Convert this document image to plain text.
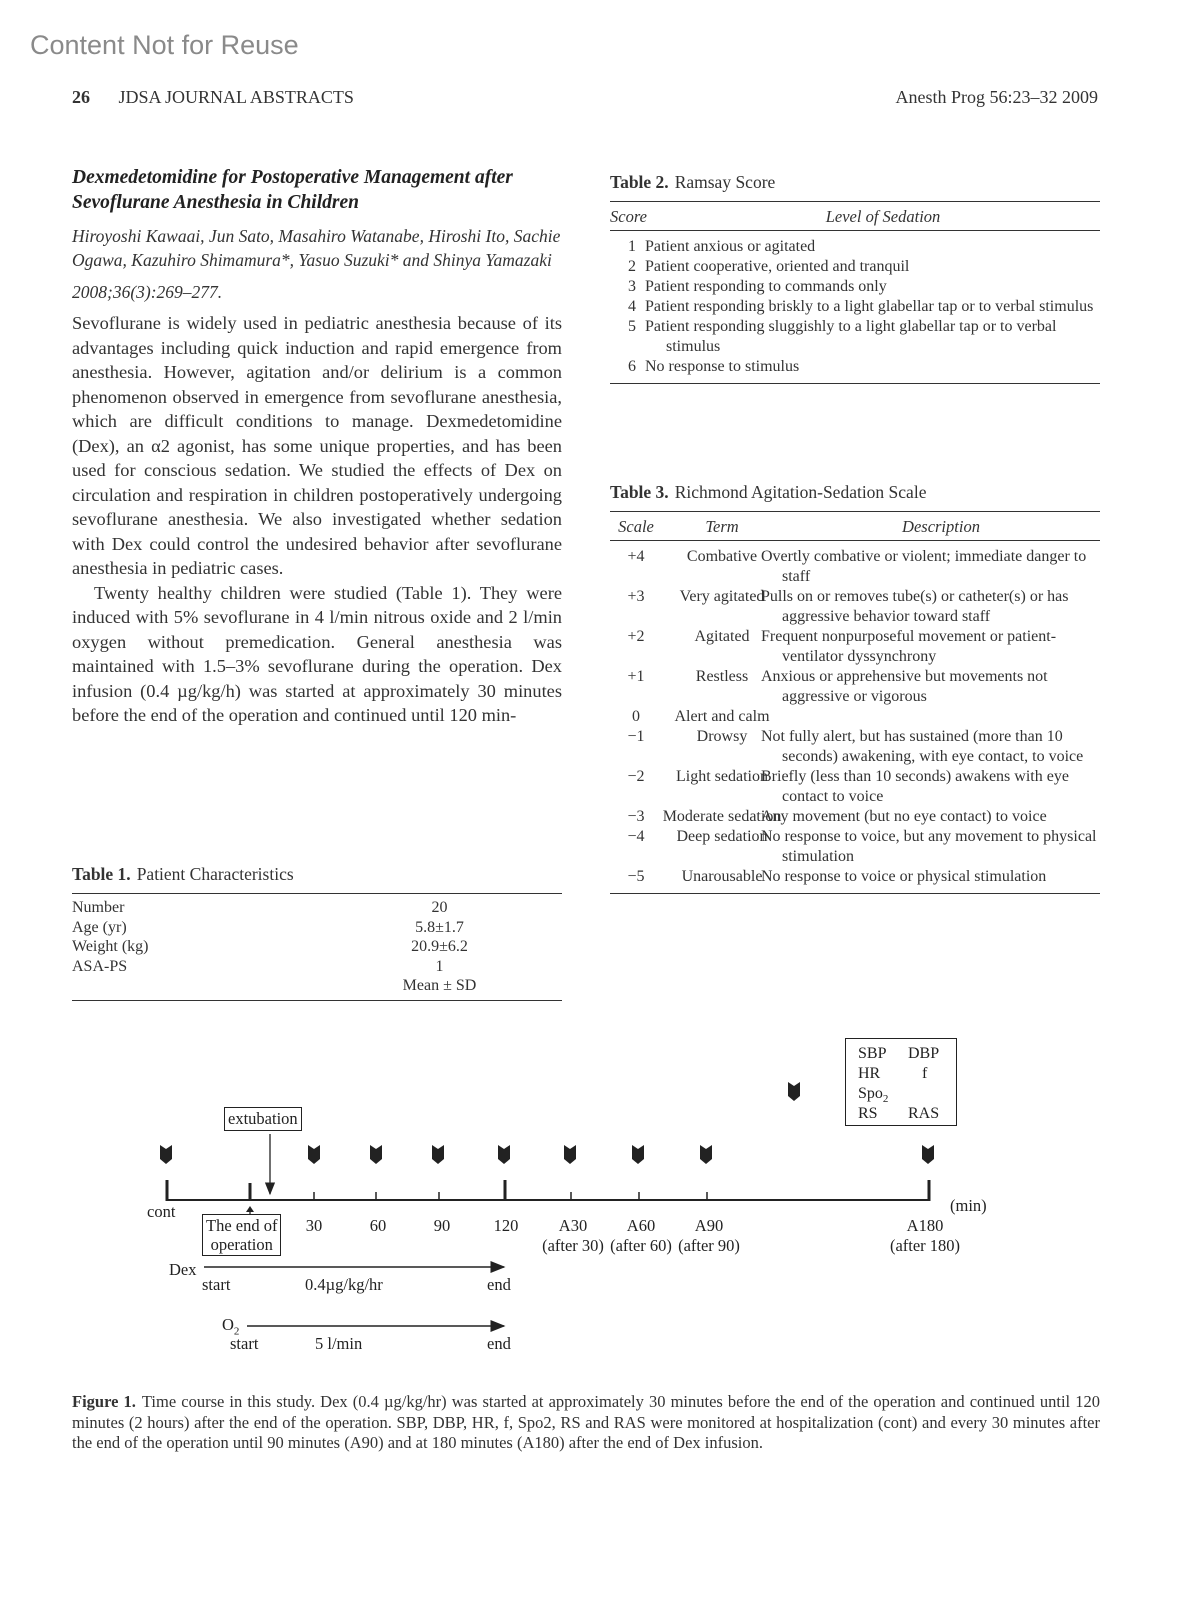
Content Not for Reuse
26 JDSA JOURNAL ABSTRACTS	Anesth Prog 56:23–32 2009
Dexmedetomidine for Postoperative Management after Sevoflurane Anesthesia in Children
Hiroyoshi Kawaai, Jun Sato, Masahiro Watanabe, Hiroshi Ito, Sachie Ogawa, Kazuhiro Shimamura*, Yasuo Suzuki* and Shinya Yamazaki
2008;36(3):269–277.

Sevoflurane is widely used in pediatric anesthesia because of its advantages including quick induction and rapid emergence from anesthesia. However, agitation and/or delirium is a common phenomenon observed in emergence from sevoflurane anesthesia, which are difficult conditions to manage. Dexmedetomidine (Dex), an α2 agonist, has some unique properties, and has been used for conscious sedation. We studied the effects of Dex on circulation and respiration in children postoperatively undergoing sevoflurane anesthesia. We also investigated whether sedation with Dex could control the undesired behavior after sevoflurane anesthesia in pediatric cases.

Twenty healthy children were studied (Table 1). They were induced with 5% sevoflurane in 4 l/min nitrous oxide and 2 l/min oxygen without premedication. General anesthesia was maintained with 1.5–3% sevoflurane during the operation. Dex infusion (0.4 µg/kg/h) was started at approximately 30 minutes before the end of the operation and continued until 120 min-

Table 1. Patient Characteristics
Number	20	
Age (yr)	5.8±1.7	
Weight (kg)	20.9±6.2	
ASA-PS	1	
	Mean ± SD	
Table 2. Ramsay Score
Score	Level of Sedation
1	Patient anxious or agitated
2	Patient cooperative, oriented and tranquil
3	Patient responding to commands only
4	Patient responding briskly to a light glabellar tap or to verbal stimulus
5	Patient responding sluggishly to a light glabellar tap or to verbal stimulus
6	No response to stimulus
Table 3. Richmond Agitation-Sedation Scale
Scale	Term	Description
+4	Combative	Overtly combative or violent; immediate danger to staff
+3	Very agitated	Pulls on or removes tube(s) or catheter(s) or has aggressive behavior toward staff
+2	Agitated	Frequent nonpurposeful movement or patient-ventilator dyssynchrony
+1	Restless	Anxious or apprehensive but movements not aggressive or vigorous
0	Alert and calm	
−1	Drowsy	Not fully alert, but has sustained (more than 10 seconds) awakening, with eye contact, to voice
−2	Light sedation	Briefly (less than 10 seconds) awakens with eye contact to voice
−3	Moderate sedation	Any movement (but no eye contact) to voice
−4	Deep sedation	No response to voice, but any movement to physical stimulation
−5	Unarousable	No response to voice or physical stimulation
SBP DBP
HR	f
Spo$_2$
RS RAS
extubation
cont
The end of
operation
30	60	90	120	A30
(after 30)
A60
(after 60)
A90
(after 90)
A180
(after 180)
(min)
Dex
start	0.4µg/kg/hr	end
$O_2$
start	5 l/min	end
Figure 1. Time course in this study. Dex (0.4 µg/kg/hr) was started at approximately 30 minutes before the end of the operation and continued until 120 minutes (2 hours) after the end of the operation. SBP, DBP, HR, f, Spo2, RS and RAS were monitored at hospitalization (cont) and every 30 minutes after the end of the operation until 90 minutes (A90) and at 180 minutes (A180) after the end of Dex infusion.
